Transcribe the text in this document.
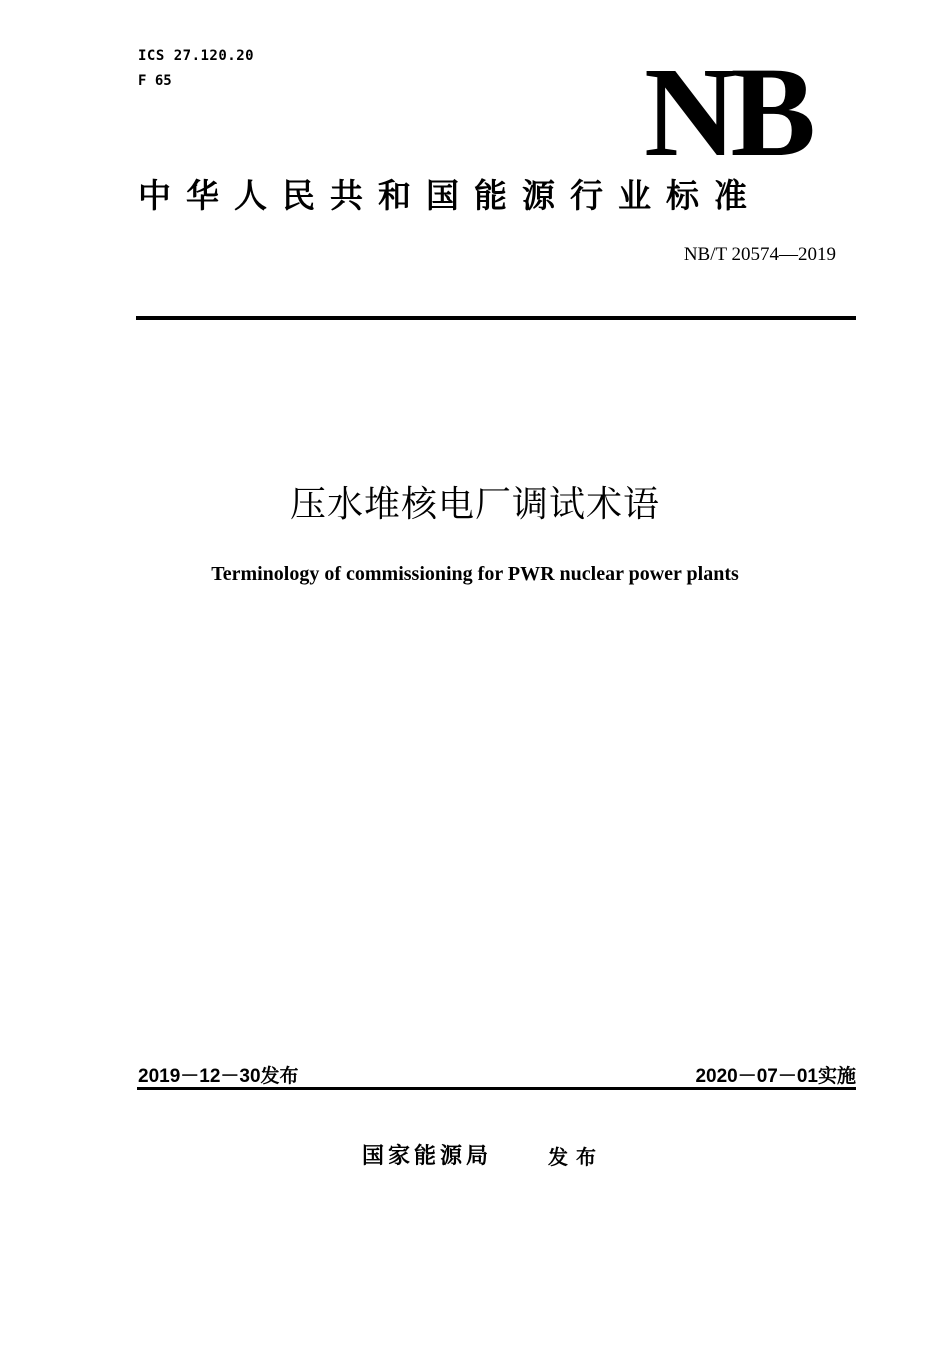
ICS 27.120.20
F 65	NB
中华人民共和国能源行业标准
NB/T 20574—2019
压水堆核电厂调试术语
Terminology of commissioning for PWR nuclear power plants
2019－12－30发布	2020－07－01实施
国家能源局	发布
